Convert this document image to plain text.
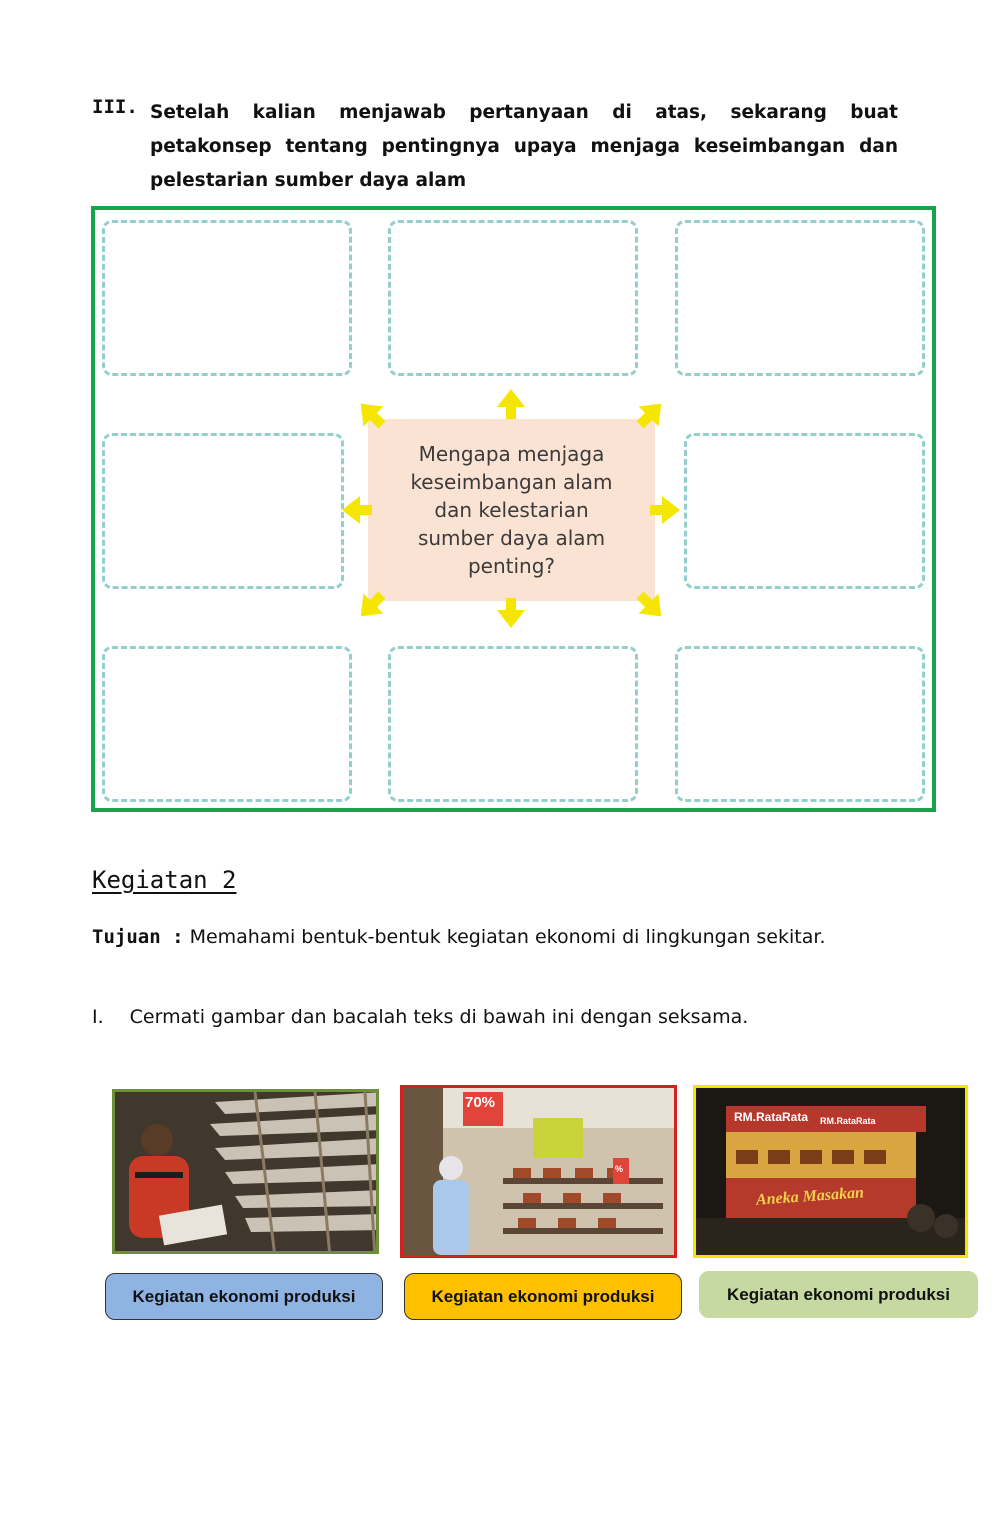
III. Setelah kalian menjawab pertanyaan di atas, sekarang buat petakonsep tentang pentingnya upaya menjaga keseimbangan dan pelestarian sumber daya alam
Mengapa menjaga keseimbangan alam dan kelestarian sumber daya alam penting?
Kegiatan 2
Tujuan : Memahami bentuk-bentuk kegiatan ekonomi di lingkungan sekitar.
I. Cermati gambar dan bacalah teks di bawah ini dengan seksama.
Kegiatan ekonomi produksi
70%
%
Kegiatan ekonomi produksi
RM.RataRata RM.RataRata
Aneka Masakan
Kegiatan ekonomi produksi
